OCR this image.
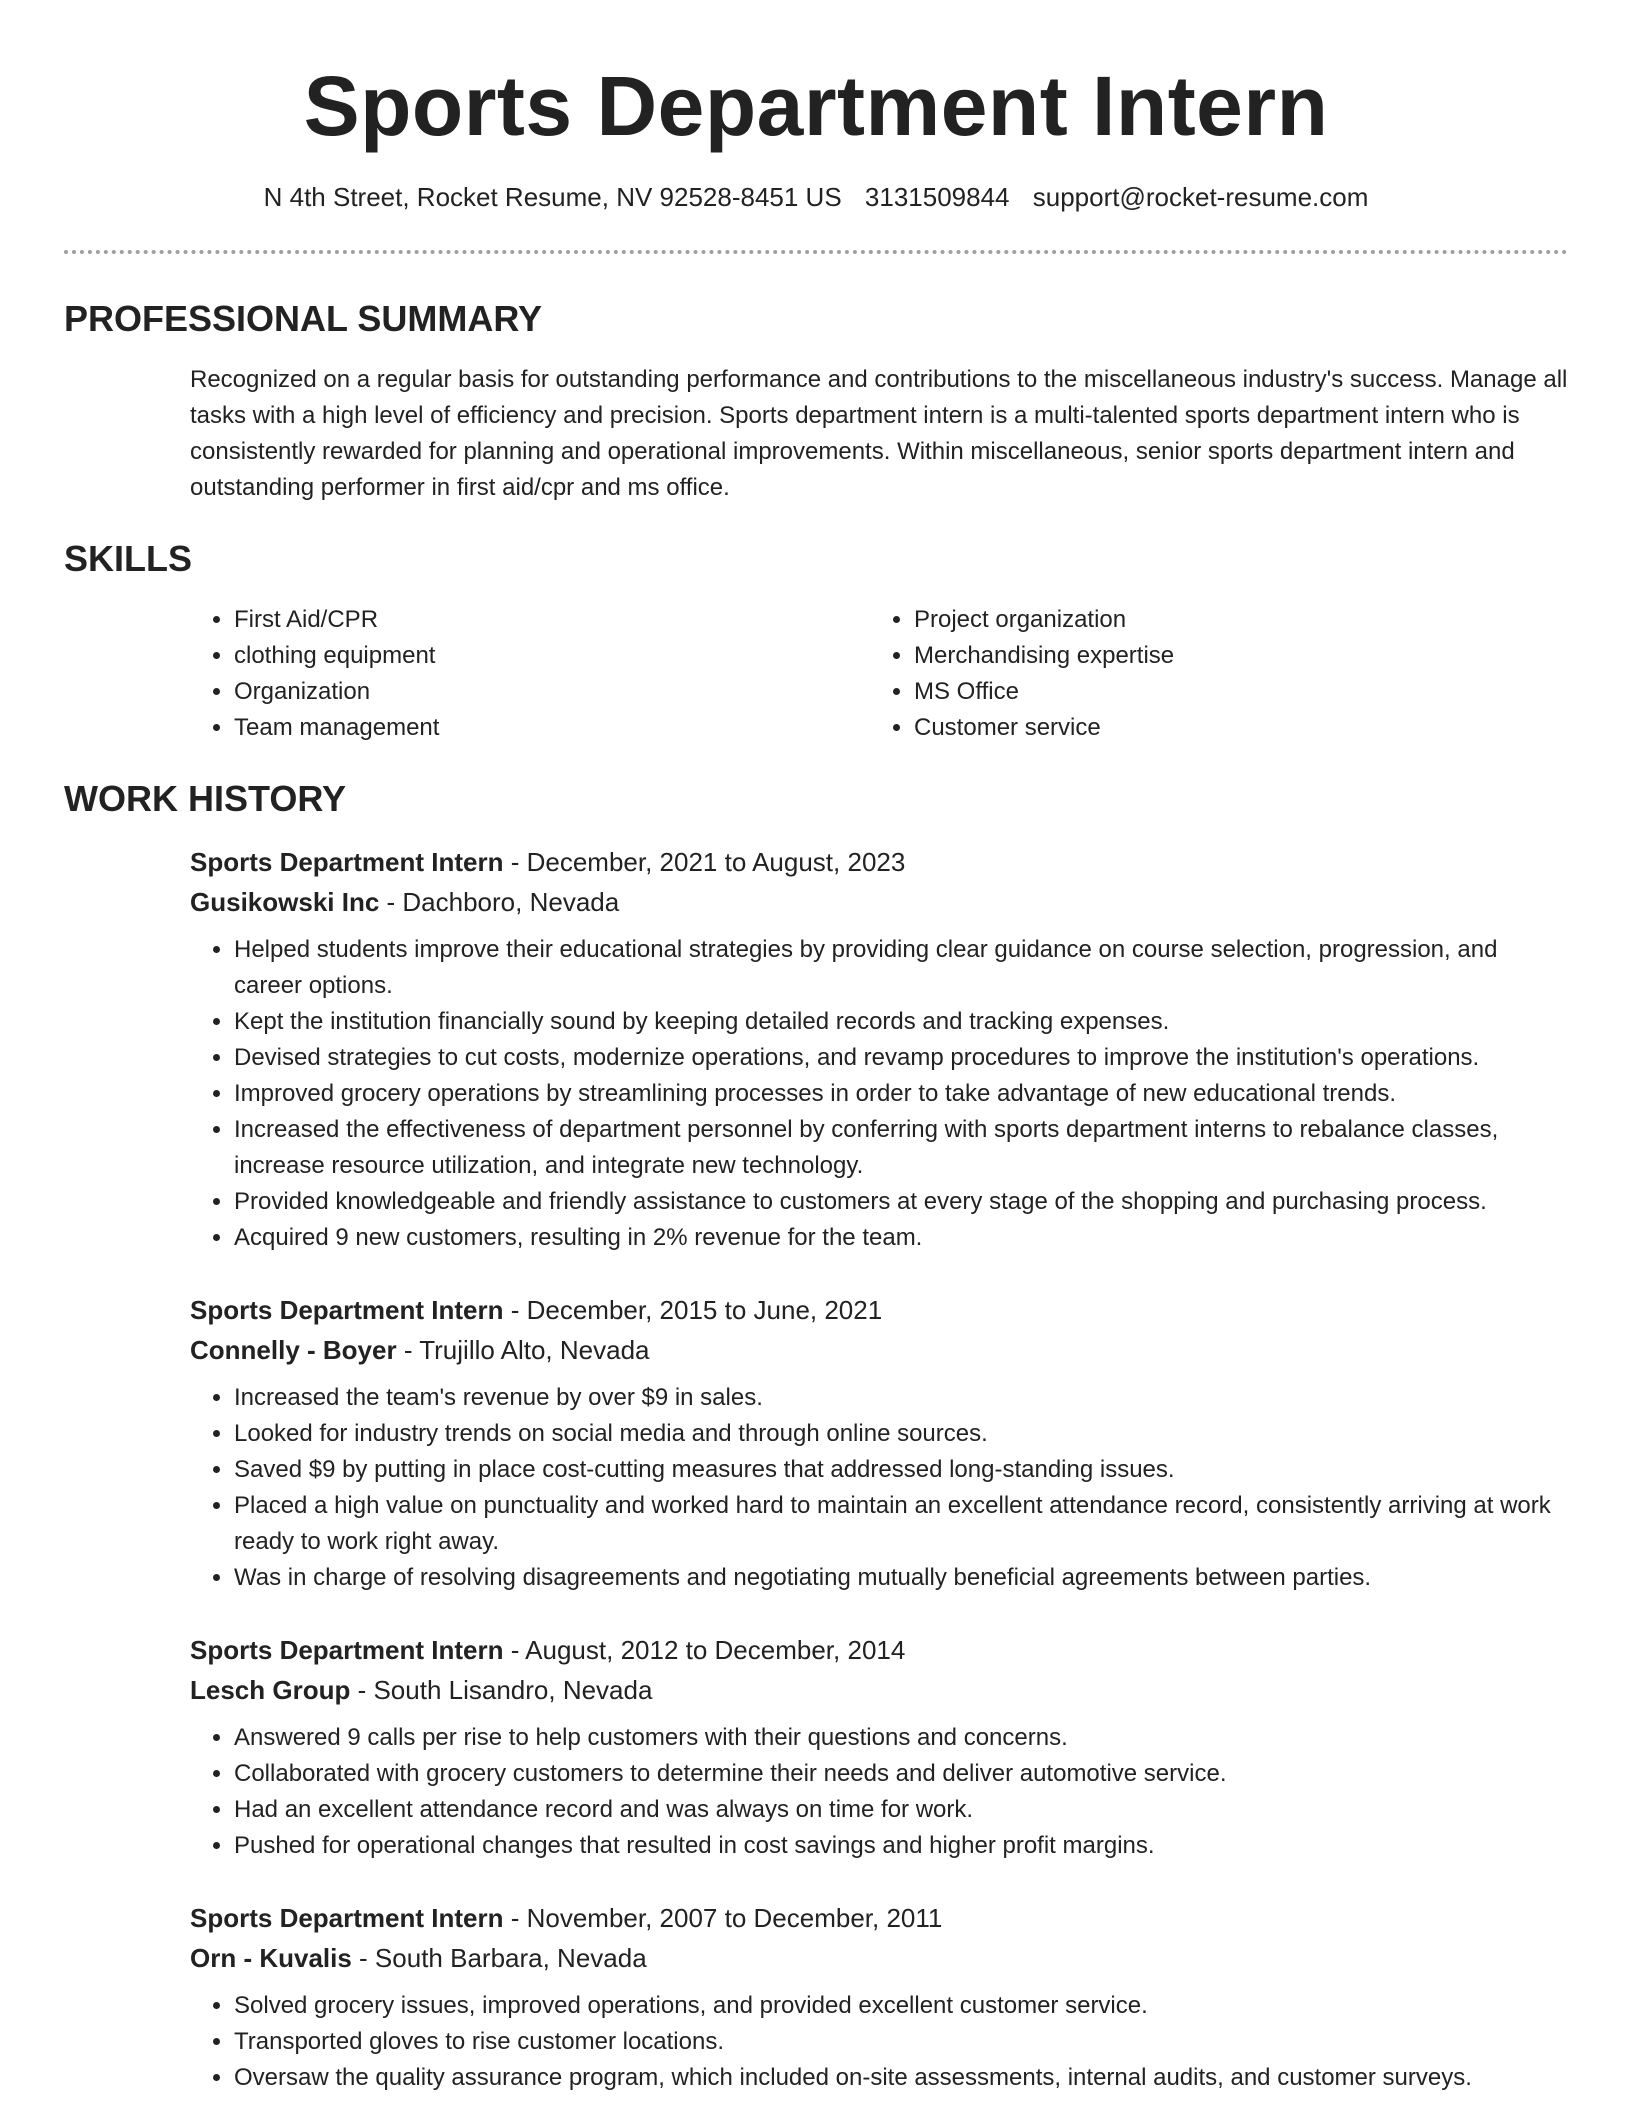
Sports Department Intern
N 4th Street, Rocket Resume, NV 92528-8451 US 3131509844 support@rocket-resume.com
PROFESSIONAL SUMMARY

Recognized on a regular basis for outstanding performance and contributions to the miscellaneous industry's success. Manage all tasks with a high level of efficiency and precision. Sports department intern is a multi-talented sports department intern who is consistently rewarded for planning and operational improvements. Within miscellaneous, senior sports department intern and outstanding performer in first aid/cpr and ms office.

SKILLS
• First Aid/CPR
• clothing equipment
• Organization
• Team management
• Project organization
• Merchandising expertise
• MS Office
• Customer service
WORK HISTORY
Sports Department Intern - December, 2021 to August, 2023
Gusikowski Inc - Dachboro, Nevada
• Helped students improve their educational strategies by providing clear guidance on course selection, progression, and career options.
• Kept the institution financially sound by keeping detailed records and tracking expenses.
• Devised strategies to cut costs, modernize operations, and revamp procedures to improve the institution's operations.
• Improved grocery operations by streamlining processes in order to take advantage of new educational trends.
• Increased the effectiveness of department personnel by conferring with sports department interns to rebalance classes, increase resource utilization, and integrate new technology.
• Provided knowledgeable and friendly assistance to customers at every stage of the shopping and purchasing process.
• Acquired 9 new customers, resulting in 2% revenue for the team.
Sports Department Intern - December, 2015 to June, 2021
Connelly - Boyer - Trujillo Alto, Nevada
• Increased the team's revenue by over $9 in sales.
• Looked for industry trends on social media and through online sources.
• Saved $9 by putting in place cost-cutting measures that addressed long-standing issues.
• Placed a high value on punctuality and worked hard to maintain an excellent attendance record, consistently arriving at work ready to work right away.
• Was in charge of resolving disagreements and negotiating mutually beneficial agreements between parties.
Sports Department Intern - August, 2012 to December, 2014
Lesch Group - South Lisandro, Nevada
• Answered 9 calls per rise to help customers with their questions and concerns.
• Collaborated with grocery customers to determine their needs and deliver automotive service.
• Had an excellent attendance record and was always on time for work.
• Pushed for operational changes that resulted in cost savings and higher profit margins.
Sports Department Intern - November, 2007 to December, 2011
Orn - Kuvalis - South Barbara, Nevada
• Solved grocery issues, improved operations, and provided excellent customer service.
• Transported gloves to rise customer locations.
• Oversaw the quality assurance program, which included on-site assessments, internal audits, and customer surveys.
